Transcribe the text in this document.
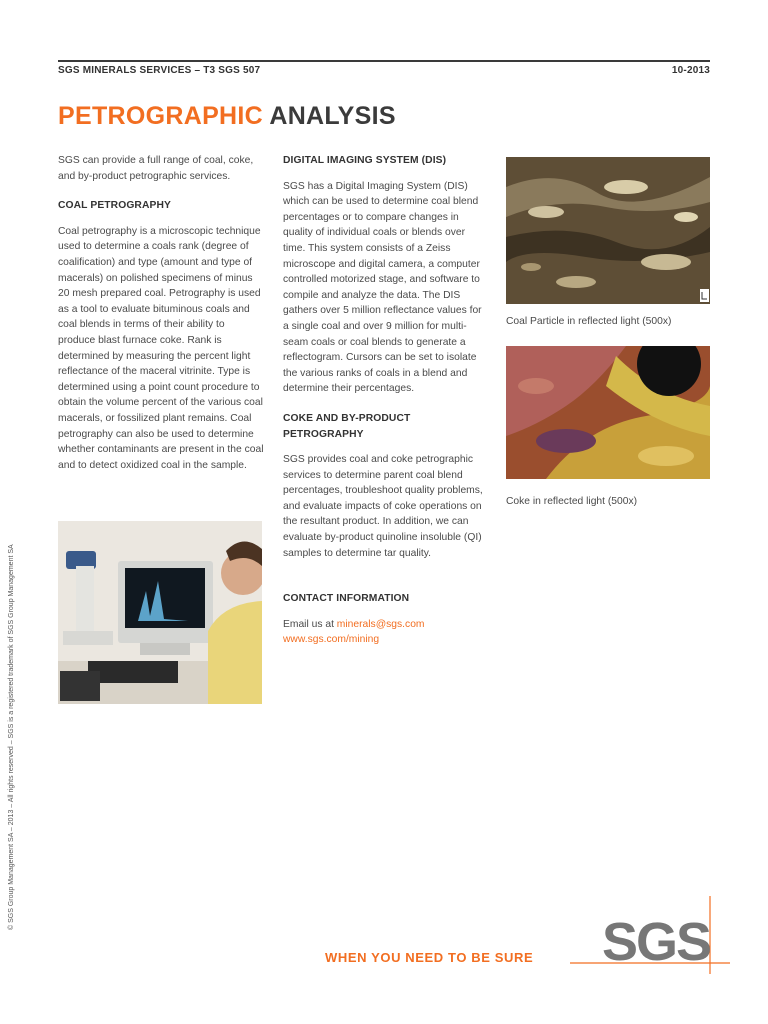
SGS MINERALS SERVICES – T3 SGS 507	10-2013
PETROGRAPHIC ANALYSIS

SGS can provide a full range of coal, coke, and by-product petrographic services.

COAL PETROGRAPHY

Coal petrography is a microscopic technique used to determine a coals rank (degree of coalification) and type (amount and type of macerals) on polished specimens of minus 20 mesh prepared coal. Petrography is used as a tool to evaluate bituminous coals and coal blends in terms of their ability to produce blast furnace coke. Rank is determined by measuring the percent light reflectance of the maceral vitrinite. Type is determined using a point count procedure to obtain the volume percent of the various coal macerals, or fossilized plant remains. Coal petrography can also be used to determine whether contaminants are present in the coal and to detect oxidized coal in the sample.

DIGITAL IMAGING SYSTEM (DIS)

SGS has a Digital Imaging System (DIS) which can be used to determine coal blend percentages or to compare changes in quality of individual coals or blends over time. This system consists of a Zeiss microscope and digital camera, a computer controlled motorized stage, and software to compile and analyze the data. The DIS gathers over 5 million reflectance values for a single coal and over 9 million for multi-seam coals or coal blends to generate a reflectogram. Cursors can be set to isolate the various ranks of coals in a blend and determine their percentages.

COKE AND BY-PRODUCT PETROGRAPHY

SGS provides coal and coke petrographic services to determine parent coal blend percentages, troubleshoot quality problems, and evaluate impacts of coke operations on the resultant product. In addition, we can evaluate by-product quinoline insoluble (QI) samples to determine tar quality.

CONTACT INFORMATION

Email us at minerals@sgs.com

www.sgs.com/mining

Coal Particle in reflected light (500x)
Coke in reflected light (500x)
© SGS Group Management SA – 2013 – All rights reserved – SGS is a registered trademark of SGS Group Management SA
WHEN YOU NEED TO BE SURE SGS
